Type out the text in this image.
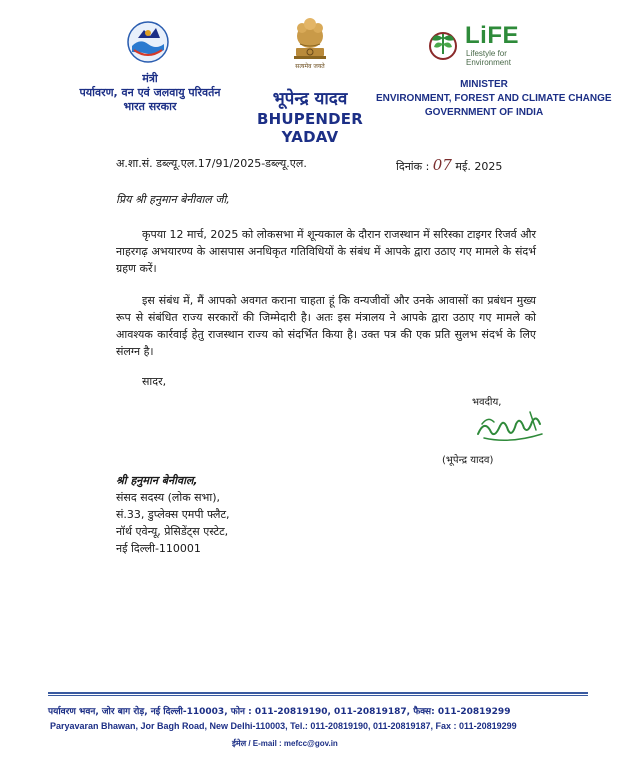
मंत्री
पर्यावरण, वन एवं जलवायु परिवर्तन
भारत सरकार
सत्यमेव जयते
भूपेन्द्र यादव
BHUPENDER YADAV
LiFE
Lifestyle for
Environment
MINISTER
ENVIRONMENT, FOREST AND CLIMATE CHANGE
GOVERNMENT OF INDIA
अ.शा.सं. डब्ल्यू.एल.17/91/2025-डब्ल्यू.एल.	दिनांक : 07 मई. 2025
प्रिय श्री हनुमान बेनीवाल जी,
कृपया 12 मार्च, 2025 को लोकसभा में शून्यकाल के दौरान राजस्थान में सरिस्का टाइगर रिजर्व और नाहरगढ़ अभयारण्य के आसपास अनधिकृत गतिविधियों के संबंध में आपके द्वारा उठाए गए मामले के संदर्भ ग्रहण करें।
इस संबंध में, मैं आपको अवगत कराना चाहता हूं कि वन्यजीवों और उनके आवासों का प्रबंधन मुख्य रूप से संबंधित राज्य सरकारों की जिम्मेदारी है। अतः इस मंत्रालय ने आपके द्वारा उठाए गए मामले को आवश्यक कार्रवाई हेतु राजस्थान राज्य को संदर्भित किया है। उक्त पत्र की एक प्रति सुलभ संदर्भ के लिए संलग्न है।
सादर,
भवदीय,
(भूपेन्द्र यादव)
श्री हनुमान बेनीवाल,
संसद सदस्य (लोक सभा),
सं.33, डुप्लेक्स एमपी फ्लैट,
नॉर्थ एवेन्यू, प्रेसिडेंट्स एस्टेट,
नई दिल्ली-110001
पर्यावरण भवन, जोर बाग रोड़, नई दिल्ली-110003, फोन : 011-20819190, 011-20819187, फैक्स: 011-20819299
Paryavaran Bhawan, Jor Bagh Road, New Delhi-110003, Tel.: 011-20819190, 011-20819187, Fax : 011-20819299
ईमेल / E-mail : mefcc@gov.in
